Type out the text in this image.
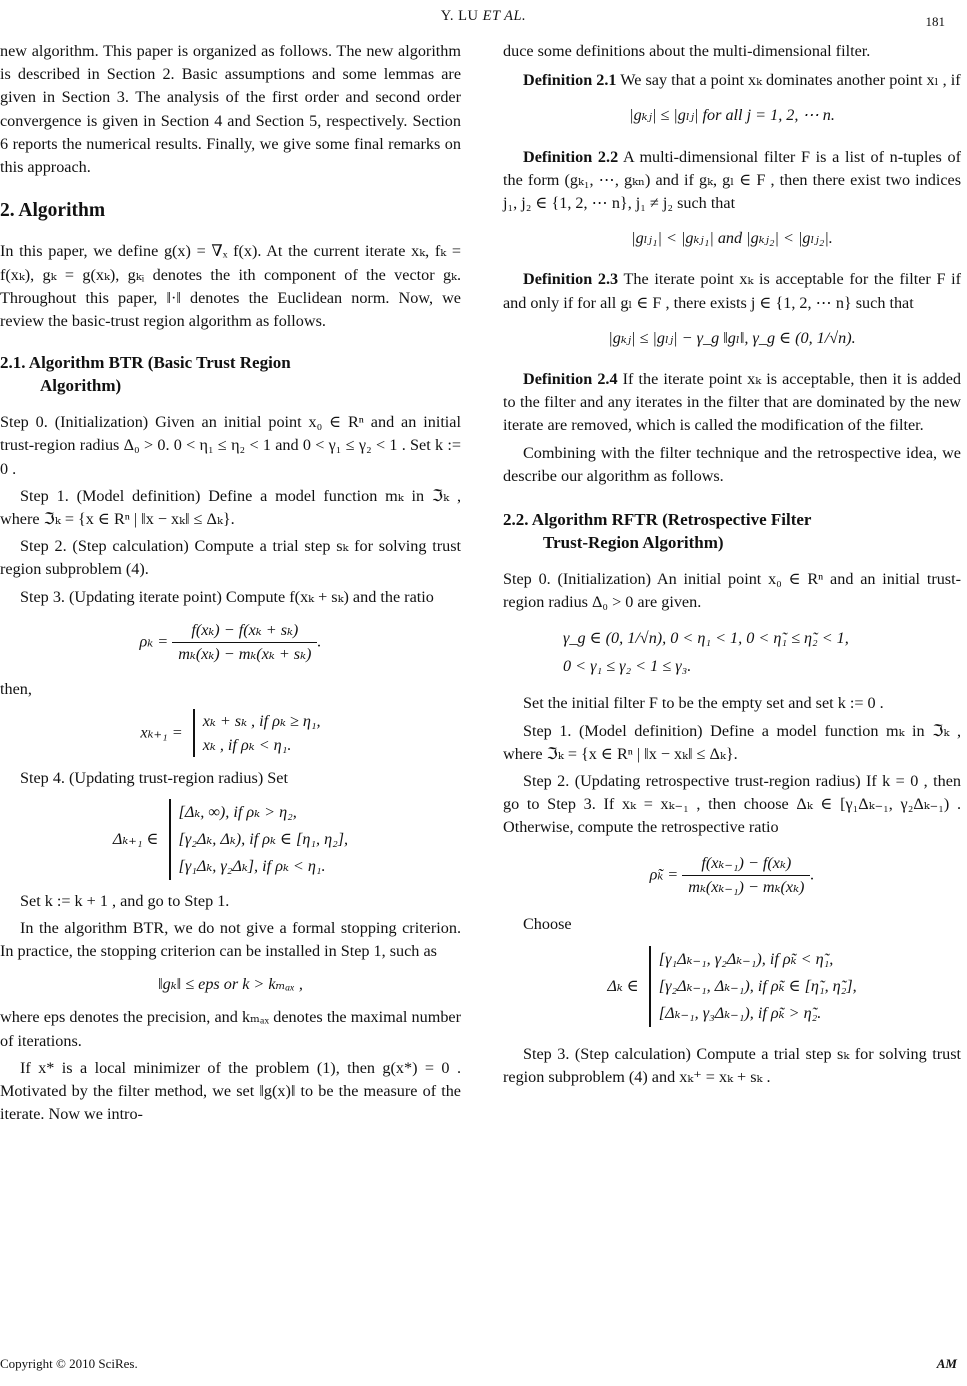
Y. LU ET AL.	181

new algorithm. This paper is organized as follows. The new algorithm is described in Section 2. Basic assumptions and some lemmas are given in Section 3. The analysis of the first order and second order convergence is given in Section 4 and Section 5, respectively. Section 6 reports the numerical results. Finally, we give some final remarks on this approach.

2. Algorithm

In this paper, we define g(x) = ∇ₓ f(x). At the current iterate xₖ, fₖ = f(xₖ), gₖ = g(xₖ), gₖᵢ denotes the ith component of the vector gₖ. Throughout this paper, ‖·‖ denotes the Euclidean norm. Now, we review the basic-trust region algorithm as follows.

2.1. Algorithm BTR (Basic Trust Region
Algorithm)

Step 0. (Initialization) Given an initial point x₀ ∈ Rⁿ and an initial trust-region radius Δ₀ > 0. 0 < η₁ ≤ η₂ < 1 and 0 < γ₁ ≤ γ₂ < 1 . Set k := 0 .

Step 1. (Model definition) Define a model function mₖ in ℑₖ , where ℑₖ = {x ∈ Rⁿ | ‖x − xₖ‖ ≤ Δₖ}.

Step 2. (Step calculation) Compute a trial step sₖ for solving trust region subproblem (4).

Step 3. (Updating iterate point) Compute f(xₖ + sₖ) and the ratio

$\rho_k = \frac{\text{f(xₖ) − f(xₖ + sₖ)}}{\text{mₖ(xₖ) − mₖ(xₖ + sₖ)}}$ .

then,

xₖ₊₁ =
xₖ + sₖ , if ρₖ ≥ η₁,
xₖ , if ρₖ < η₁.

Step 4. (Updating trust-region radius) Set

Δₖ₊₁ ∈
[Δₖ, ∞), if ρₖ > η₂,
[γ₂Δₖ, Δₖ), if ρₖ ∈ [η₁, η₂],
[γ₁Δₖ, γ₂Δₖ], if ρₖ < η₁.

Set k := k + 1 , and go to Step 1.

In the algorithm BTR, we do not give a formal stopping criterion. In practice, the stopping criterion can be installed in Step 1, such as

‖gₖ‖ ≤ eps or k > kₘₐₓ ,

where eps denotes the precision, and kₘₐₓ denotes the maximal number of iterations.

If x* is a local minimizer of the problem (1), then g(x*) = 0 . Motivated by the filter method, we set ‖g(x)‖ to be the measure of the iterate. Now we intro-

duce some definitions about the multi-dimensional filter.

Definition 2.1 We say that a point xₖ dominates another point xₗ , if

|gₖⱼ| ≤ |gₗⱼ| for all j = 1, 2, ⋯ n.

Definition 2.2 A multi-dimensional filter F is a list of n-tuples of the form (gₖ₁, ⋯, gₖₙ) and if gₖ, gₗ ∈ F , then there exist two indices j₁, j₂ ∈ {1, 2, ⋯ n}, j₁ ≠ j₂ such that

|gₗⱼ₁| < |gₖⱼ₁| and |gₖⱼ₂| < |gₗⱼ₂|.

Definition 2.3 The iterate point xₖ is acceptable for the filter F if and only if for all gₗ ∈ F , there exists j ∈ {1, 2, ⋯ n} such that

|gₖⱼ| ≤ |gₗⱼ| − γ_g ‖gₗ‖, γ_g ∈ (0, 1/√n).

Definition 2.4 If the iterate point xₖ is acceptable, then it is added to the filter and any iterates in the filter that are dominated by the new iterate are removed, which is called the modification of the filter.

Combining with the filter technique and the retrospective idea, we describe our algorithm as follows.

2.2. Algorithm RFTR (Retrospective Filter
Trust-Region Algorithm)

Step 0. (Initialization) An initial point x₀ ∈ Rⁿ and an initial trust-region radius Δ₀ > 0 are given.

γ_g ∈ (0, 1/√n), 0 < η₁ < 1, 0 < η̃₁ ≤ η̃₂ < 1,
0 < γ₁ ≤ γ₂ < 1 ≤ γ₃.

Set the initial filter F to be the empty set and set k := 0 .

Step 1. (Model definition) Define a model function mₖ in ℑₖ , where ℑₖ = {x ∈ Rⁿ | ‖x − xₖ‖ ≤ Δₖ}.

Step 2. (Updating retrospective trust-region radius) If k = 0 , then go to Step 3. If xₖ = xₖ₋₁ , then choose Δₖ ∈ [γ₁Δₖ₋₁, γ₂Δₖ₋₁) . Otherwise, compute the retrospective ratio

ρ̃ₖ = $\frac{\text{f(xₖ₋₁) − f(xₖ)}}{\text{mₖ(xₖ₋₁) − mₖ(xₖ)}}$ .

Choose

Δₖ ∈
[γ₁Δₖ₋₁, γ₂Δₖ₋₁), if ρ̃ₖ < η̃₁,
[γ₂Δₖ₋₁, Δₖ₋₁), if ρ̃ₖ ∈ [η̃₁, η̃₂],
[Δₖ₋₁, γ₃Δₖ₋₁), if ρ̃ₖ > η̃₂.

Step 3. (Step calculation) Compute a trial step sₖ for solving trust region subproblem (4) and xₖ⁺ = xₖ + sₖ .

Copyright © 2010 SciRes.	AM
